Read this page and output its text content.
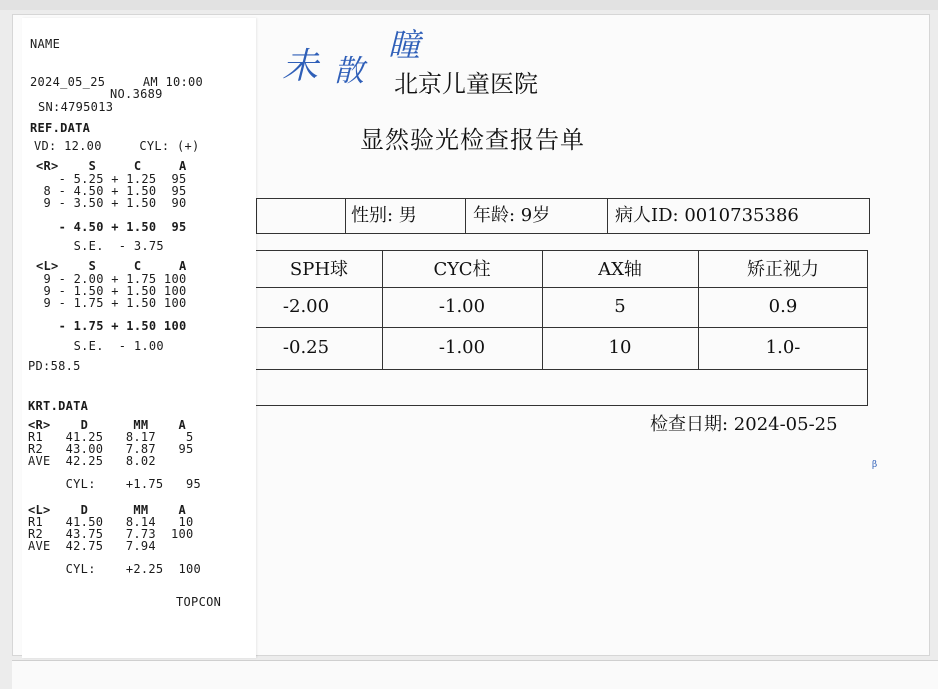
未 散
瞳
北京儿童医院
显然验光检查报告单
性别: 男	年龄: 9岁	病人ID: 0010735386
SPH球	CYC柱	AX轴	矫正视力
-2.00	-1.00	5	0.9
-0.25	-1.00	10	1.0-
检查日期: 2024-05-25
β
NAME
2024_05_25     AM 10:00
NO.3689
SN:4795013
REF.DATA
VD: 12.00     CYL: (+)
<R>    S     C     A
- 5.25 + 1.25  95
8 - 4.50 + 1.50  95
9 - 3.50 + 1.50  90
- 4.50 + 1.50  95
S.E.  - 3.75
<L>    S     C     A
9 - 2.00 + 1.75 100
9 - 1.50 + 1.50 100
9 - 1.75 + 1.50 100
- 1.75 + 1.50 100
S.E.  - 1.00
PD:58.5
KRT.DATA
<R>    D      MM    A
R1   41.25   8.17    5
R2   43.00   7.87   95
AVE  42.25   8.02
CYL:    +1.75   95
<L>    D      MM    A
R1   41.50   8.14   10
R2   43.75   7.73  100
AVE  42.75   7.94
CYL:    +2.25  100
TOPCON
